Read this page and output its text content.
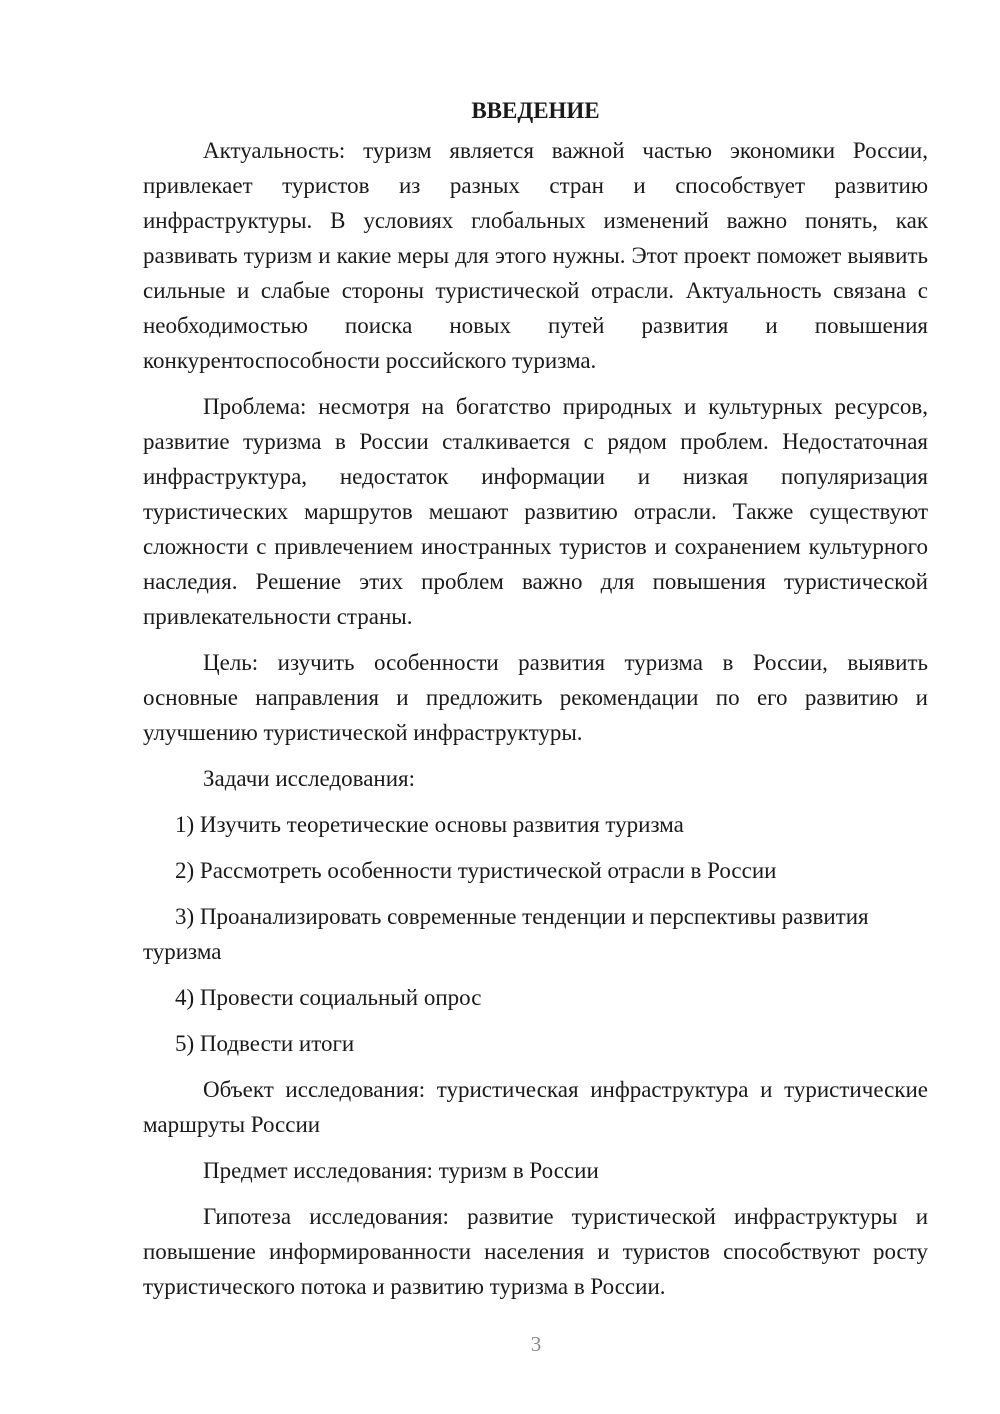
ВВЕДЕНИЕ

Актуальность: туризм является важной частью экономики России, привлекает туристов из разных стран и способствует развитию инфраструктуры. В условиях глобальных изменений важно понять, как развивать туризм и какие меры для этого нужны. Этот проект поможет выявить сильные и слабые стороны туристической отрасли. Актуальность связана с необходимостью поиска новых путей развития и повышения конкурентоспособности российского туризма.

Проблема: несмотря на богатство природных и культурных ресурсов, развитие туризма в России сталкивается с рядом проблем. Недостаточная инфраструктура, недостаток информации и низкая популяризация туристических маршрутов мешают развитию отрасли. Также существуют сложности с привлечением иностранных туристов и сохранением культурного наследия. Решение этих проблем важно для повышения туристической привлекательности страны.

Цель: изучить особенности развития туризма в России, выявить основные направления и предложить рекомендации по его развитию и улучшению туристической инфраструктуры.

Задачи исследования:

1) Изучить теоретические основы развития туризма
2) Рассмотреть особенности туристической отрасли в России
3) Проанализировать современные тенденции и перспективы развития туризма
4) Провести социальный опрос
5) Подвести итоги

Объект исследования: туристическая инфраструктура и туристические маршруты России

Предмет исследования: туризм в России

Гипотеза исследования: развитие туристической инфраструктуры и повышение информированности населения и туристов способствуют росту туристического потока и развитию туризма в России.

3
